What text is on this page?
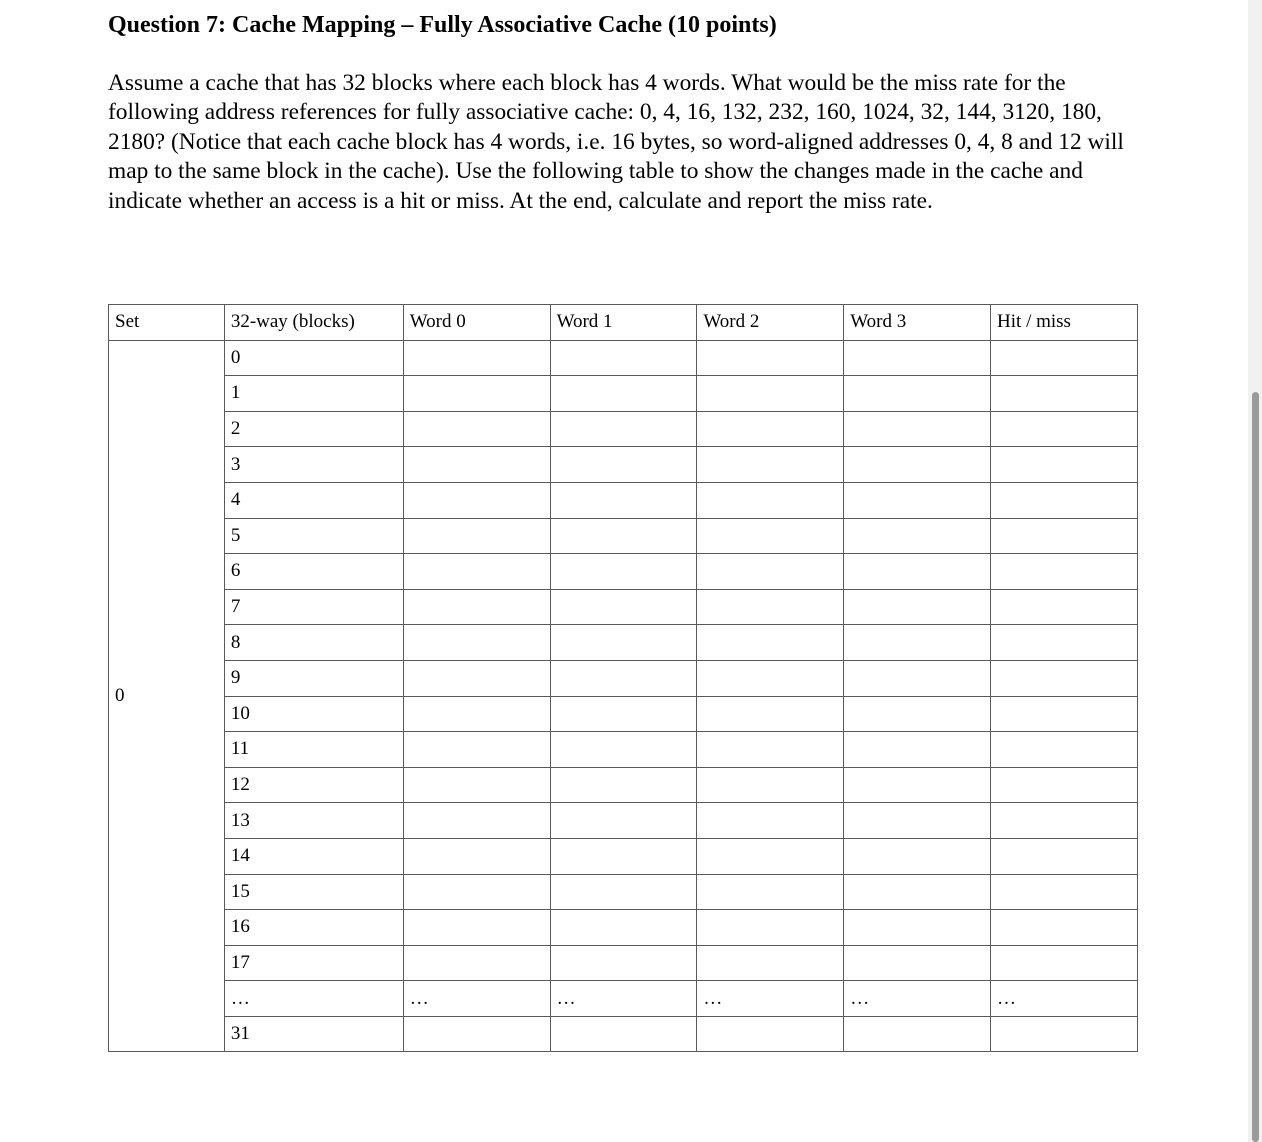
Question 7: Cache Mapping – Fully Associative Cache (10 points)

Assume a cache that has 32 blocks where each block has 4 words. What would be the miss rate for the following address references for fully associative cache: 0, 4, 16, 132, 232, 160, 1024, 32, 144, 3120, 180, 2180? (Notice that each cache block has 4 words, i.e. 16 bytes, so word-aligned addresses 0, 4, 8 and 12 will map to the same block in the cache). Use the following table to show the changes made in the cache and indicate whether an access is a hit or miss. At the end, calculate and report the miss rate.

Set	32-way (blocks)	Word 0	Word 1	Word 2	Word 3	Hit / miss
0	0					
	1					
	2					
	3					
	4					
	5					
	6					
	7					
	8					
	9					
	10					
	11					
	12					
	13					
	14					
	15					
	16					
	17					
	…	…	…	…	…	…
	31					
